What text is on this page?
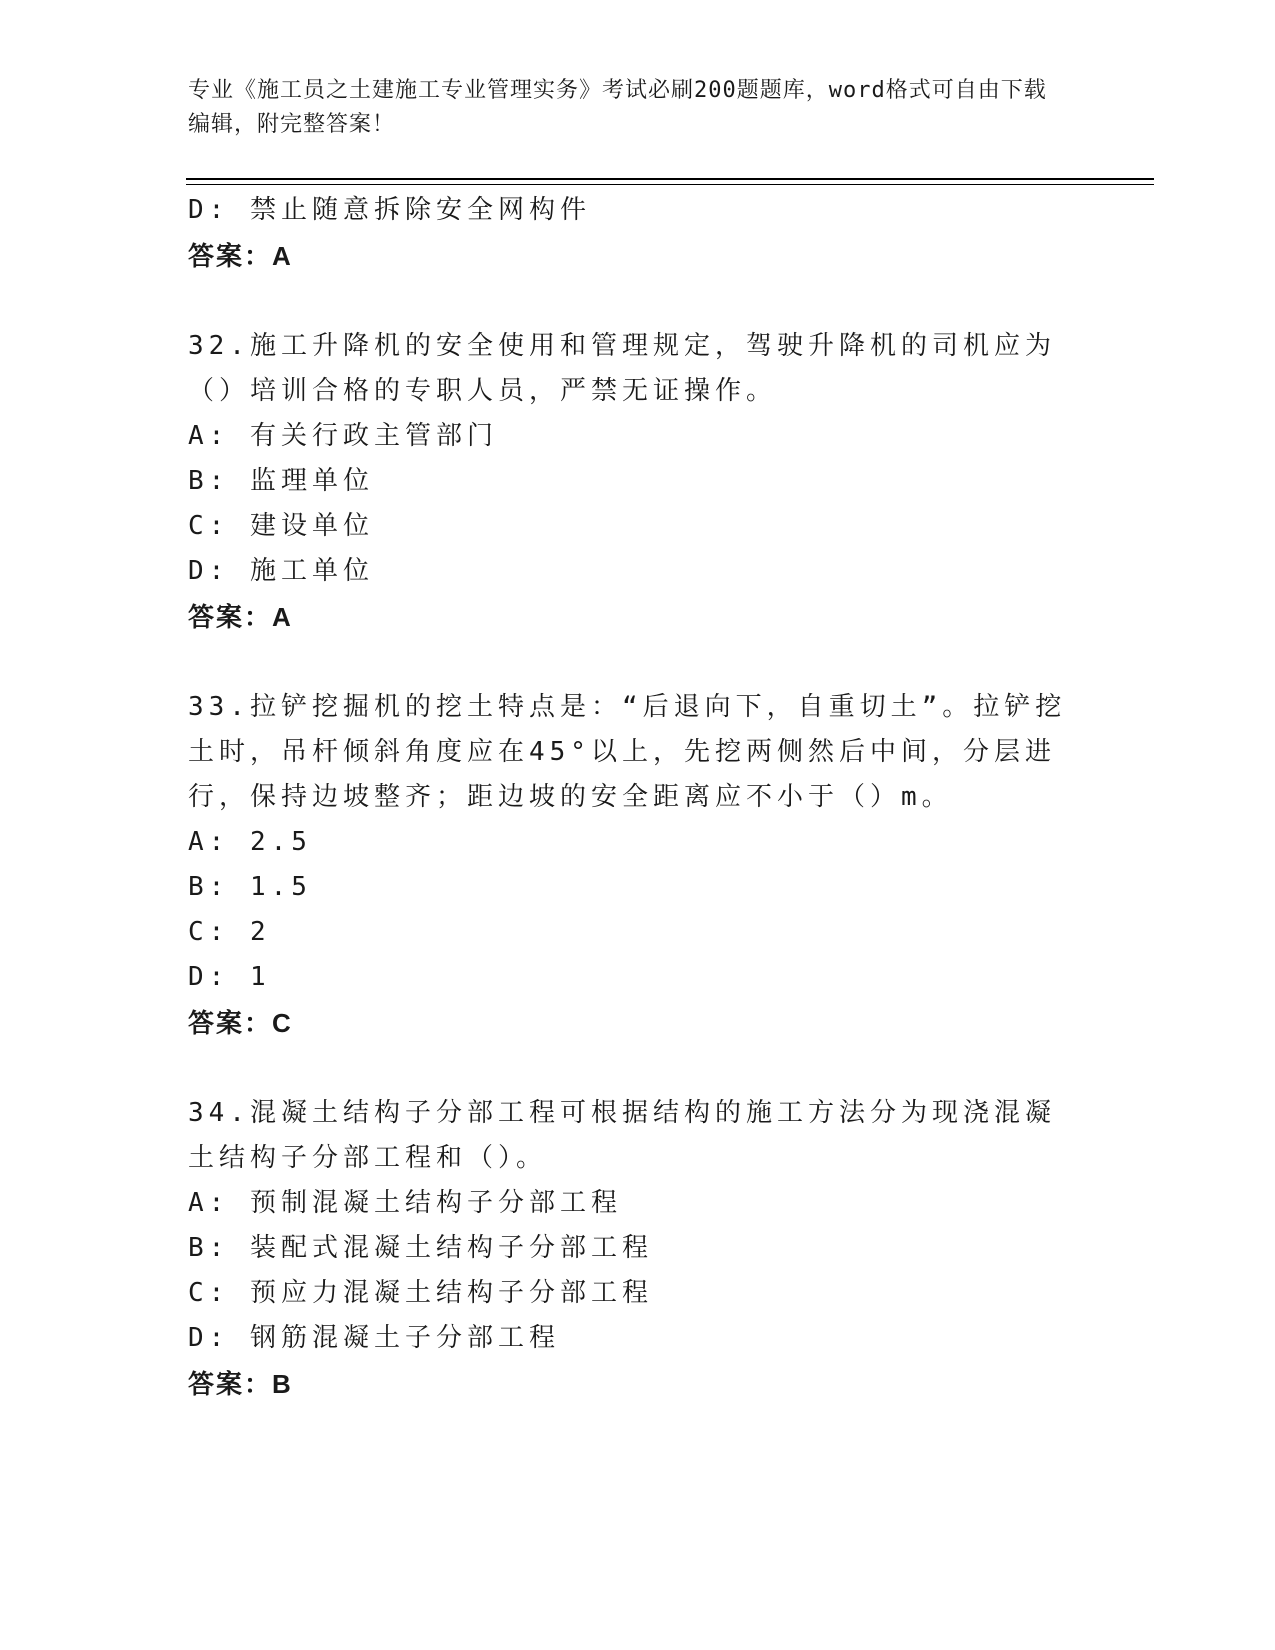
专业《施工员之土建施工专业管理实务》考试必刷200题题库，word格式可自由下载编辑，附完整答案！
D: 禁止随意拆除安全网构件
答案：A
32.施工升降机的安全使用和管理规定，驾驶升降机的司机应为（）培训合格的专职人员，严禁无证操作。
A: 有关行政主管部门
B: 监理单位
C: 建设单位
D: 施工单位
答案：A
33.拉铲挖掘机的挖土特点是：“后退向下，自重切土”。拉铲挖土时，吊杆倾斜角度应在45°以上，先挖两侧然后中间，分层进行，保持边坡整齐；距边坡的安全距离应不小于（）m。
A: 2.5
B: 1.5
C: 2
D: 1
答案：C
34.混凝土结构子分部工程可根据结构的施工方法分为现浇混凝土结构子分部工程和（）。
A: 预制混凝土结构子分部工程
B: 装配式混凝土结构子分部工程
C: 预应力混凝土结构子分部工程
D: 钢筋混凝土子分部工程
答案：B
